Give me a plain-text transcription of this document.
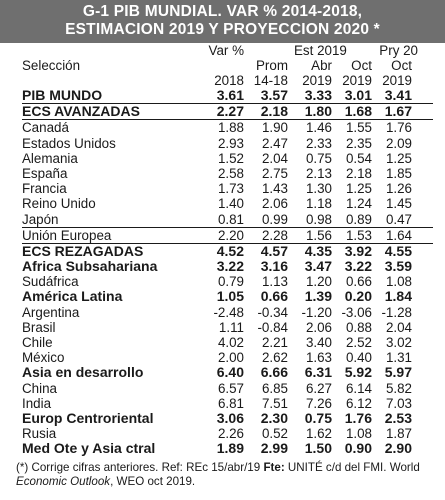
G-1 PIB MUNDIAL. VAR % 2014-2018,
ESTIMACION 2019 Y PROYECCION 2020 *
Var %	Est 2019	Pry 20
Selección	Prom	Abr	Oct	Oct
2018 14-18	2019 2019 2019
PIB MUNDO	3.61	3.57	3.33 3.01 3.41
ECS AVANZADAS	2.27	2.18	1.80 1.68 1.67
Canadá	1.88	1.90	1.46	1.55	1.76
Estados Unidos	2.93	2.47	2.33	2.35	2.09
Alemania	1.52	2.04	0.75	0.54	1.25
España	2.58	2.75	2.13	2.18	1.85
Francia	1.73	1.43	1.30	1.25	1.26
Reino Unido	1.40	2.06	1.18	1.24	1.45
Japón	0.81	0.99	0.98	0.89	0.47
Unión Europea	2.20	2.28	1.56	1.53	1.64
ECS REZAGADAS	4.52	4.57	4.35 3.92 4.55
Africa Subsahariana	3.22	3.16	3.47 3.22 3.59
Sudáfrica	0.79	1.13	1.20	0.66	1.08
América Latina	1.05	0.66	1.39 0.20 1.84
Argentina	-2.48	-0.34	-1.20 -3.06 -1.28
Brasil	1.11	-0.84	2.06	0.88	2.04
Chile	4.02	2.21	3.40	2.52	3.02
México	2.00	2.62	1.63	0.40	1.31
Asia en desarrollo	6.40	6.66	6.31 5.92 5.97
China	6.57	6.85	6.27	6.14	5.82
India	6.81	7.51	7.26	6.12	7.03
Europ Centroriental	3.06	2.30	0.75 1.76 2.53
Rusia	2.26	0.52	1.62	1.08	1.87
Med Ote y Asia ctral	1.89	2.99	1.50 0.90 2.90
(*) Corrige cifras anteriores. Ref: REc 15/abr/19 Fte: UNITÉ c/d del FMI. World Economic Outlook, WEO oct 2019.
